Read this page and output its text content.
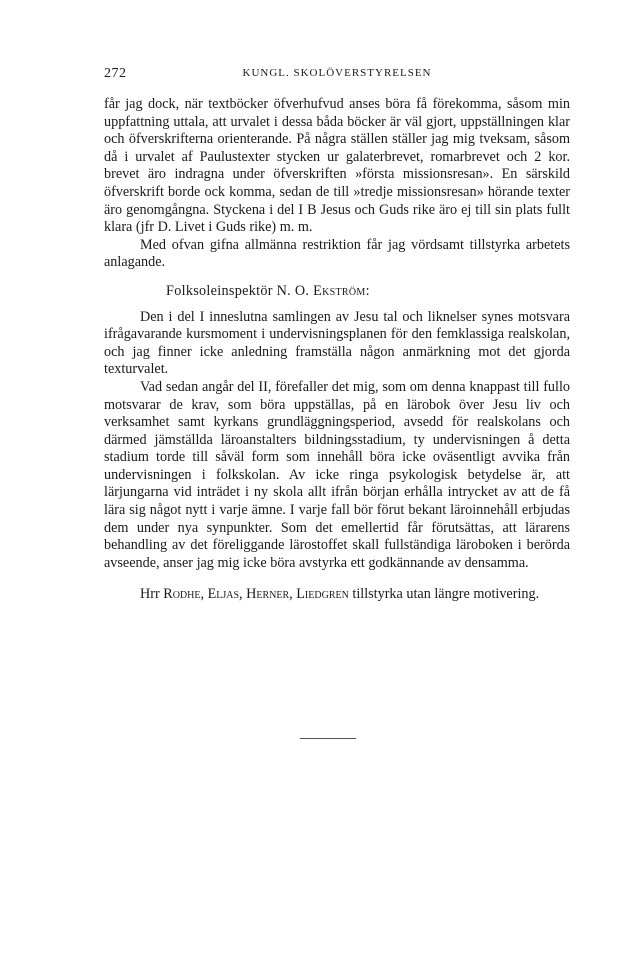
272	KUNGL. SKOLÖVERSTYRELSEN

får jag dock, när textböcker öfverhufvud anses böra få förekomma, såsom min uppfattning uttala, att urvalet i dessa båda böcker är väl gjort, uppställningen klar och öfverskrifterna orienterande. På några ställen ställer jag mig tveksam, såsom då i urvalet af Paulustexter stycken ur galaterbrevet, romarbrevet och 2 kor. brevet äro indragna under öfverskriften »första missionsresan». En särskild öfverskrift borde ock komma, sedan de till »tredje missionsresan» hörande texter äro genomgångna. Styckena i del I B Jesus och Guds rike äro ej till sin plats fullt klara (jfr D. Livet i Guds rike) m. m.

Med ofvan gifna allmänna restriktion får jag vördsamt tillstyrka arbetets anlagande.

Folksoleinspektör N. O. Ekström:

Den i del I inneslutna samlingen av Jesu tal och liknelser synes motsvara ifrågavarande kursmoment i undervisningsplanen för den femklassiga realskolan, och jag finner icke anledning framställa någon anmärkning mot det gjorda texturvalet.

Vad sedan angår del II, förefaller det mig, som om denna knappast till fullo motsvarar de krav, som böra uppställas, på en lärobok över Jesu liv och verksamhet samt kyrkans grundläggningsperiod, avsedd för realskolans och därmed jämställda läroanstalters bildningsstadium, ty undervisningen å detta stadium torde till såväl form som innehåll böra icke oväsentligt avvika från undervisningen i folkskolan. Av icke ringa psykologisk betydelse är, att lärjungarna vid inträdet i ny skola allt ifrån början erhålla intrycket av att de få lära sig något nytt i varje ämne. I varje fall bör förut bekant läroinnehåll erbjudas dem under nya synpunkter. Som det emellertid får förutsättas, att lärarens behandling av det föreliggande lärostoffet skall fullständiga läroboken i berörda avseende, anser jag mig icke böra avstyrka ett godkännande av densamma.

Hrr Rodhe, Eljas, Herner, Liedgren tillstyrka utan längre motivering.
